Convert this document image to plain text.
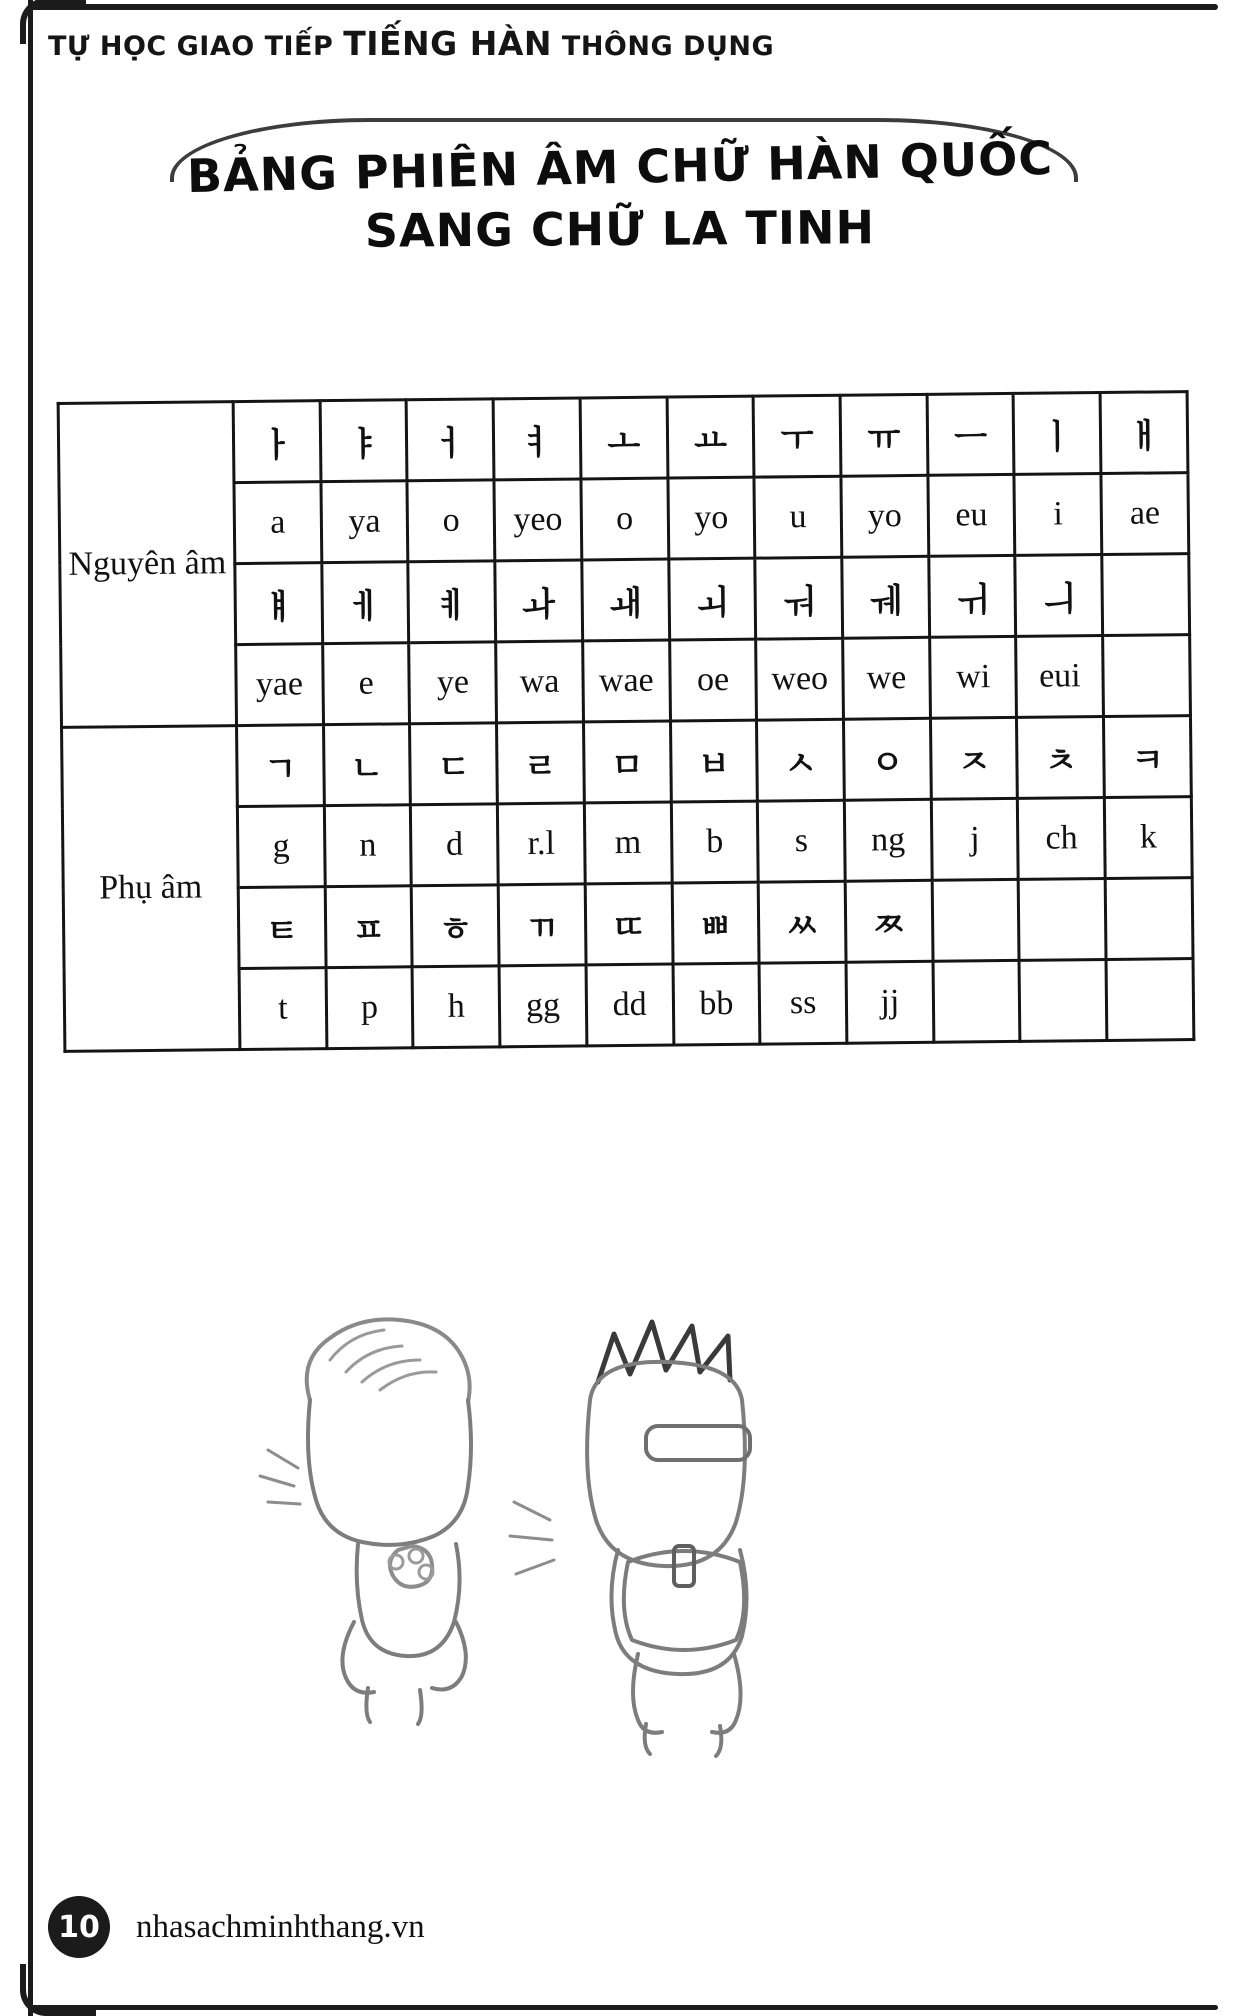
TỰ HỌC GIAO TIẾP TIẾNG HÀN THÔNG DỤNG
BẢNG PHIÊN ÂM CHỮ HÀN QUỐC
SANG CHỮ LA TINH
Nguyên âm	ㅏ	ㅑ	ㅓ	ㅕ	ㅗ	ㅛ	ㅜ	ㅠ	ㅡ	ㅣ	ㅐ
	a	ya	o	yeo	o	yo	u	yo	eu	i	ae
	ㅒ	ㅔ	ㅖ	ㅘ	ㅙ	ㅚ	ㅝ	ㅞ	ㅟ	ㅢ	
	yae	e	ye	wa	wae	oe	weo	we	wi	eui	
Phụ âm	ㄱ	ㄴ	ㄷ	ㄹ	ㅁ	ㅂ	ㅅ	ㅇ	ㅈ	ㅊ	ㅋ
	g	n	d	r.l	m	b	s	ng	j	ch	k
	ㅌ	ㅍ	ㅎ	ㄲ	ㄸ	ㅃ	ㅆ	ㅉ			
	t	p	h	gg	dd	bb	ss	jj			
10	nhasachminhthang.vn
